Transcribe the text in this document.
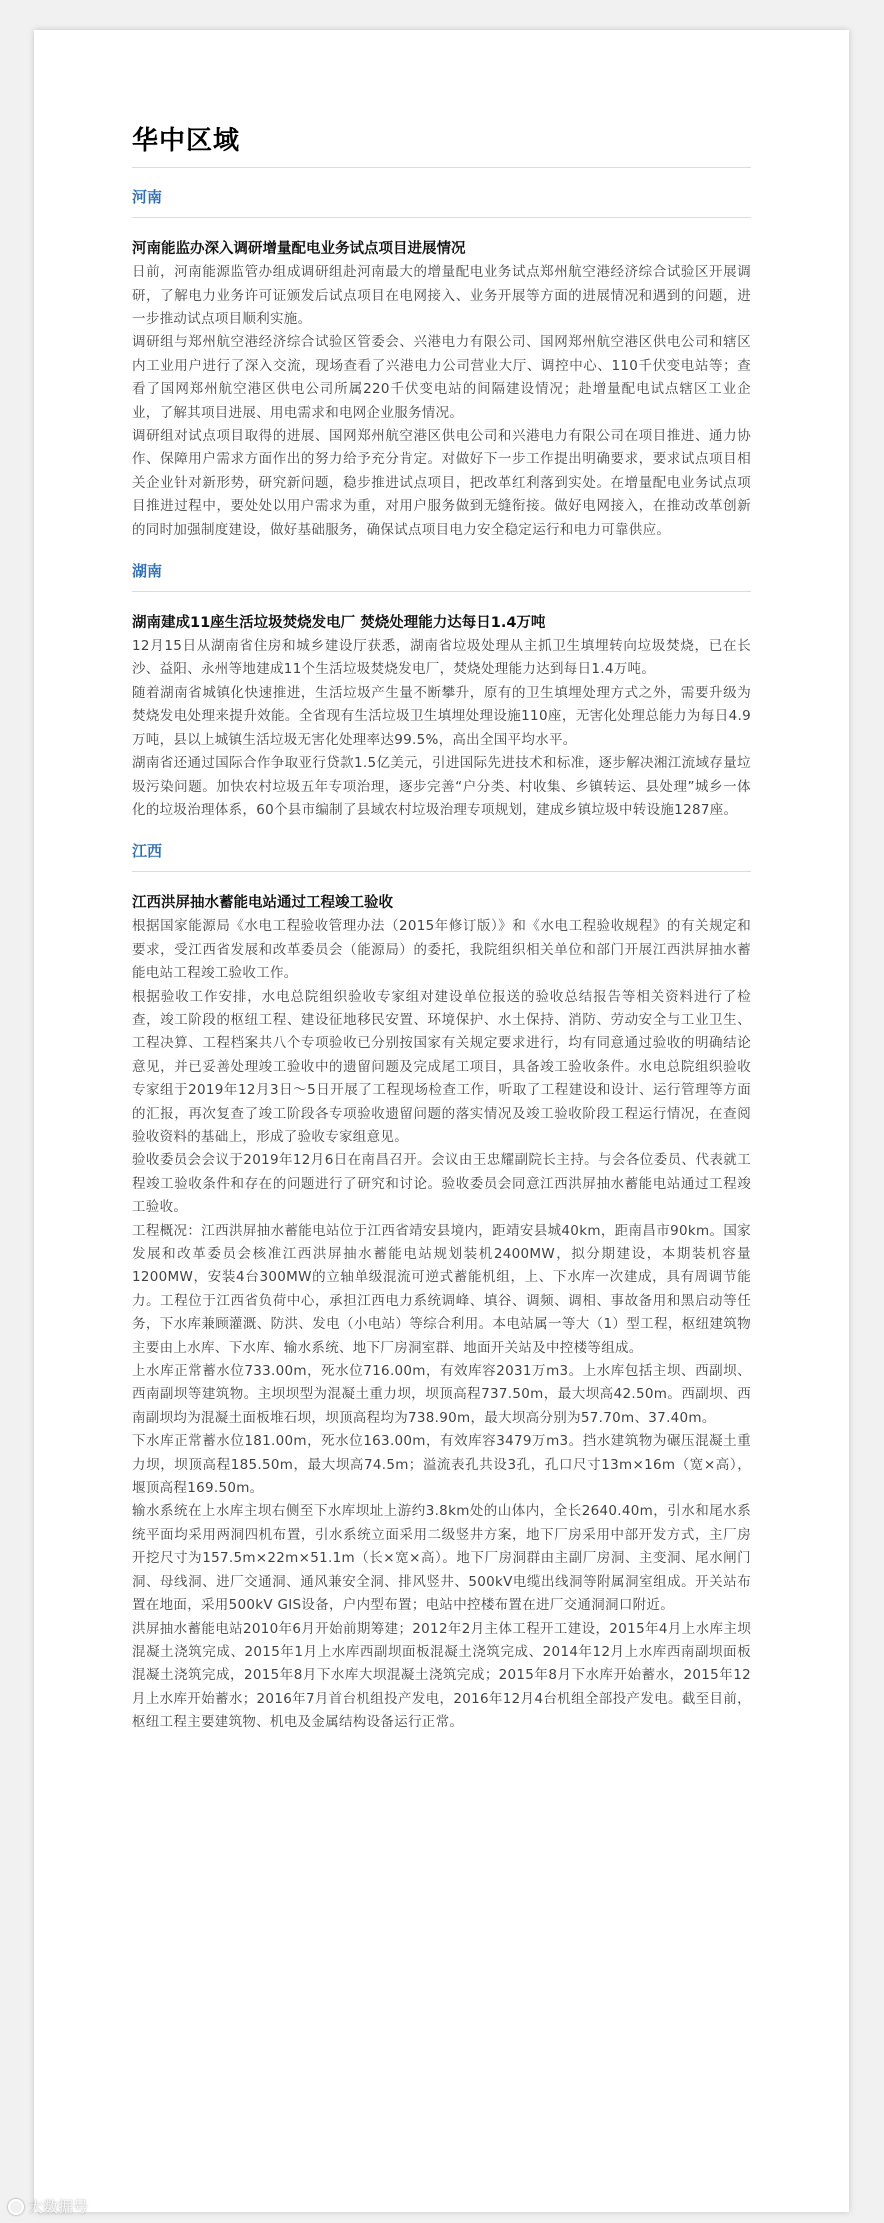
华中区域
河南
河南能监办深入调研增量配电业务试点项目进展情况

日前，河南能源监管办组成调研组赴河南最大的增量配电业务试点郑州航空港经济综合试验区开展调研，了解电力业务许可证颁发后试点项目在电网接入、业务开展等方面的进展情况和遇到的问题，进一步推动试点项目顺利实施。

调研组与郑州航空港经济综合试验区管委会、兴港电力有限公司、国网郑州航空港区供电公司和辖区内工业用户进行了深入交流，现场查看了兴港电力公司营业大厅、调控中心、110千伏变电站等；查看了国网郑州航空港区供电公司所属220千伏变电站的间隔建设情况；赴增量配电试点辖区工业企业，了解其项目进展、用电需求和电网企业服务情况。

调研组对试点项目取得的进展、国网郑州航空港区供电公司和兴港电力有限公司在项目推进、通力协作、保障用户需求方面作出的努力给予充分肯定。对做好下一步工作提出明确要求，要求试点项目相关企业针对新形势，研究新问题，稳步推进试点项目，把改革红利落到实处。在增量配电业务试点项目推进过程中，要处处以用户需求为重，对用户服务做到无缝衔接。做好电网接入，在推动改革创新的同时加强制度建设，做好基础服务，确保试点项目电力安全稳定运行和电力可靠供应。

湖南
湖南建成11座生活垃圾焚烧发电厂 焚烧处理能力达每日1.4万吨

12月15日从湖南省住房和城乡建设厅获悉，湖南省垃圾处理从主抓卫生填埋转向垃圾焚烧，已在长沙、益阳、永州等地建成11个生活垃圾焚烧发电厂，焚烧处理能力达到每日1.4万吨。

随着湖南省城镇化快速推进，生活垃圾产生量不断攀升，原有的卫生填埋处理方式之外，需要升级为焚烧发电处理来提升效能。全省现有生活垃圾卫生填埋处理设施110座，无害化处理总能力为每日4.9万吨，县以上城镇生活垃圾无害化处理率达99.5%，高出全国平均水平。

湖南省还通过国际合作争取亚行贷款1.5亿美元，引进国际先进技术和标准，逐步解决湘江流域存量垃圾污染问题。加快农村垃圾五年专项治理，逐步完善“户分类、村收集、乡镇转运、县处理”城乡一体化的垃圾治理体系，60个县市编制了县域农村垃圾治理专项规划，建成乡镇垃圾中转设施1287座。

江西
江西洪屏抽水蓄能电站通过工程竣工验收

根据国家能源局《水电工程验收管理办法（2015年修订版）》和《水电工程验收规程》的有关规定和要求，受江西省发展和改革委员会（能源局）的委托，我院组织相关单位和部门开展江西洪屏抽水蓄能电站工程竣工验收工作。

根据验收工作安排，水电总院组织验收专家组对建设单位报送的验收总结报告等相关资料进行了检查，竣工阶段的枢纽工程、建设征地移民安置、环境保护、水土保持、消防、劳动安全与工业卫生、工程决算、工程档案共八个专项验收已分别按国家有关规定要求进行，均有同意通过验收的明确结论意见，并已妥善处理竣工验收中的遗留问题及完成尾工项目，具备竣工验收条件。水电总院组织验收专家组于2019年12月3日～5日开展了工程现场检查工作，听取了工程建设和设计、运行管理等方面的汇报，再次复查了竣工阶段各专项验收遗留问题的落实情况及竣工验收阶段工程运行情况，在查阅验收资料的基础上，形成了验收专家组意见。

验收委员会会议于2019年12月6日在南昌召开。会议由王忠耀副院长主持。与会各位委员、代表就工程竣工验收条件和存在的问题进行了研究和讨论。验收委员会同意江西洪屏抽水蓄能电站通过工程竣工验收。

工程概况：江西洪屏抽水蓄能电站位于江西省靖安县境内，距靖安县城40km，距南昌市90km。国家发展和改革委员会核准江西洪屏抽水蓄能电站规划装机2400MW，拟分期建设，本期装机容量1200MW，安装4台300MW的立轴单级混流可逆式蓄能机组，上、下水库一次建成，具有周调节能力。工程位于江西省负荷中心，承担江西电力系统调峰、填谷、调频、调相、事故备用和黑启动等任务，下水库兼顾灌溉、防洪、发电（小电站）等综合利用。本电站属一等大（1）型工程，枢纽建筑物主要由上水库、下水库、输水系统、地下厂房洞室群、地面开关站及中控楼等组成。

上水库正常蓄水位733.00m，死水位716.00m，有效库容2031万m3。上水库包括主坝、西副坝、西南副坝等建筑物。主坝坝型为混凝土重力坝，坝顶高程737.50m，最大坝高42.50m。西副坝、西南副坝均为混凝土面板堆石坝，坝顶高程均为738.90m，最大坝高分别为57.70m、37.40m。

下水库正常蓄水位181.00m，死水位163.00m，有效库容3479万m3。挡水建筑物为碾压混凝土重力坝，坝顶高程185.50m，最大坝高74.5m；溢流表孔共设3孔，孔口尺寸13m×16m（宽×高），堰顶高程169.50m。

输水系统在上水库主坝右侧至下水库坝址上游约3.8km处的山体内，全长2640.40m，引水和尾水系统平面均采用两洞四机布置，引水系统立面采用二级竖井方案，地下厂房采用中部开发方式，主厂房开挖尺寸为157.5m×22m×51.1m（长×宽×高）。地下厂房洞群由主副厂房洞、主变洞、尾水闸门洞、母线洞、进厂交通洞、通风兼安全洞、排风竖井、500kV电缆出线洞等附属洞室组成。开关站布置在地面，采用500kV GIS设备，户内型布置；电站中控楼布置在进厂交通洞洞口附近。

洪屏抽水蓄能电站2010年6月开始前期筹建；2012年2月主体工程开工建设，2015年4月上水库主坝混凝土浇筑完成、2015年1月上水库西副坝面板混凝土浇筑完成、2014年12月上水库西南副坝面板混凝土浇筑完成，2015年8月下水库大坝混凝土浇筑完成；2015年8月下水库开始蓄水，2015年12月上水库开始蓄水；2016年7月首台机组投产发电，2016年12月4台机组全部投产发电。截至目前，枢纽工程主要建筑物、机电及金属结构设备运行正常。

大数据号
